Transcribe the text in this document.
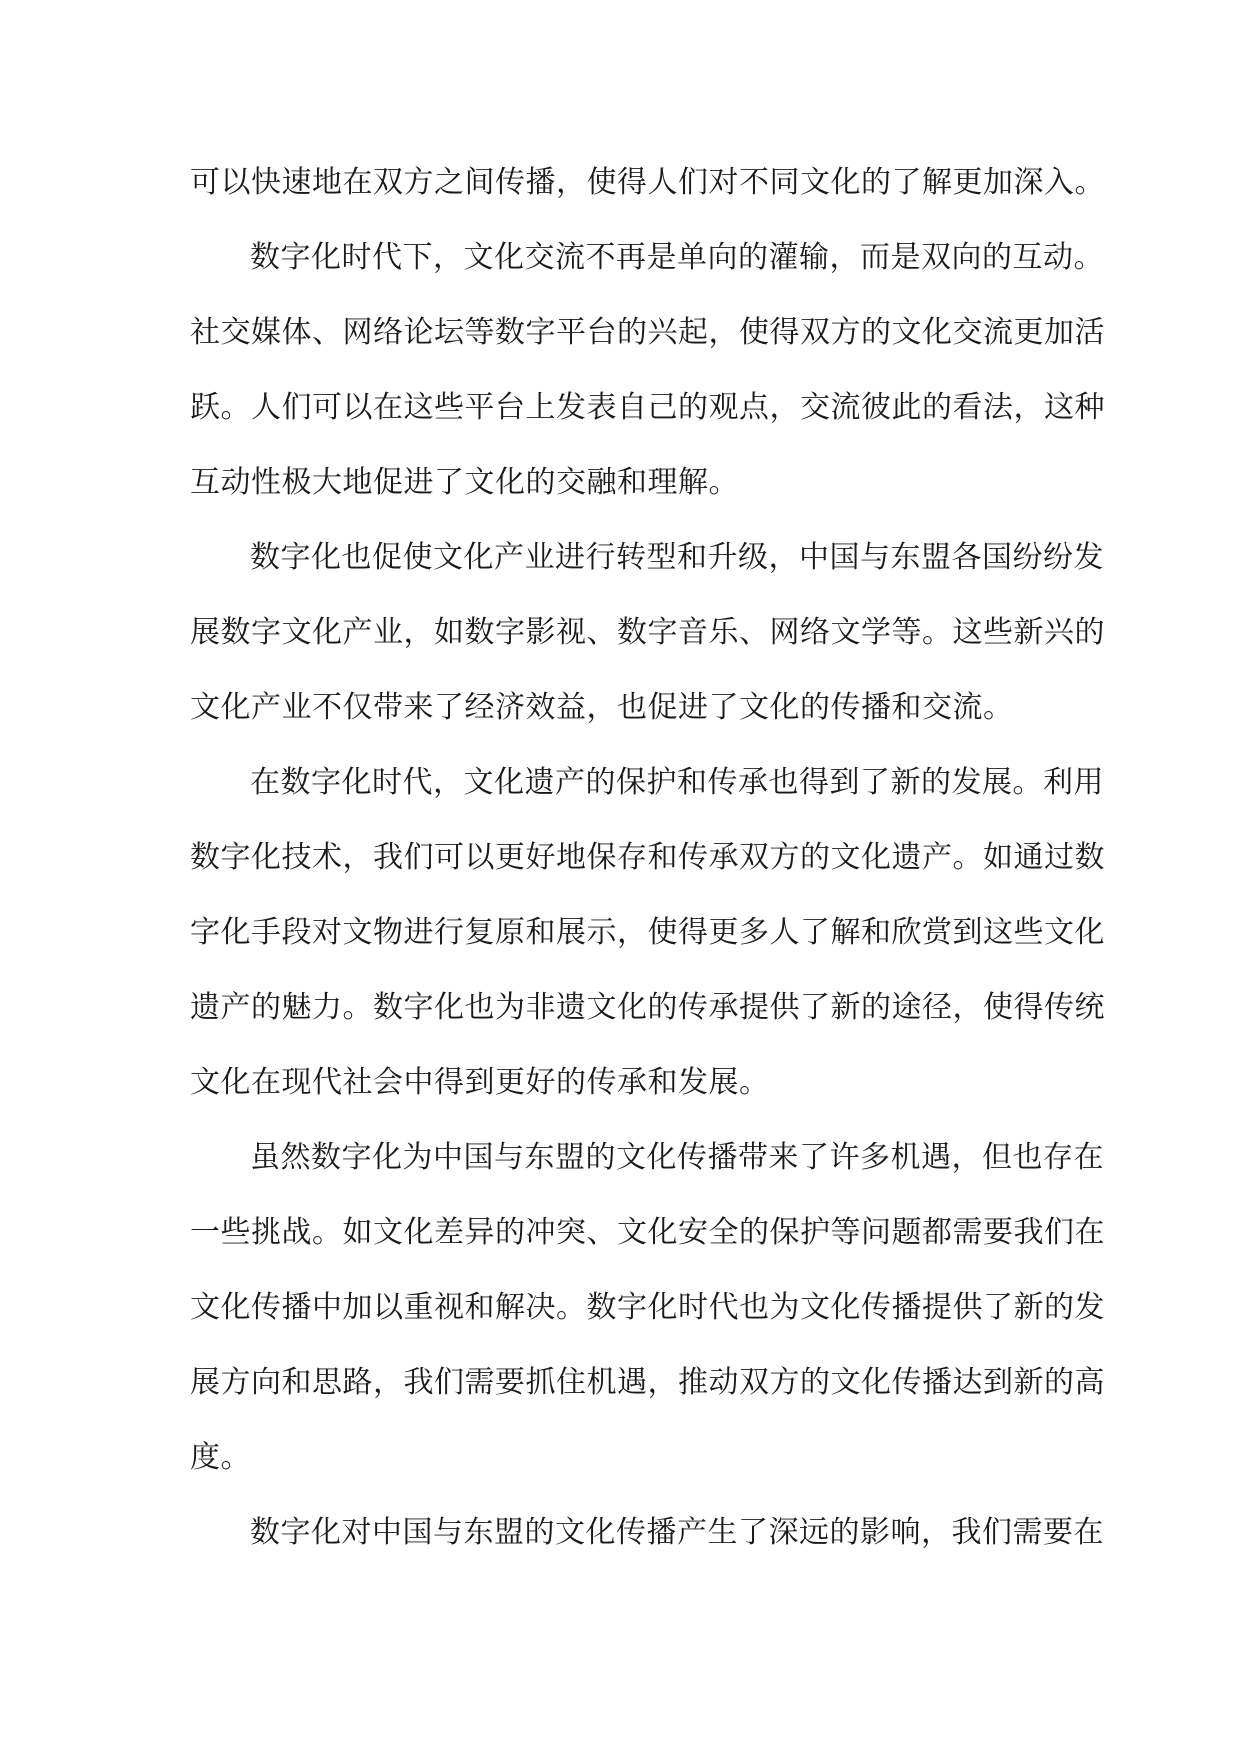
可以快速地在双方之间传播，使得人们对不同文化的了解更加深入。
数字化时代下，文化交流不再是单向的灌输，而是双向的互动。
社交媒体、网络论坛等数字平台的兴起，使得双方的文化交流更加活
跃。人们可以在这些平台上发表自己的观点，交流彼此的看法，这种
互动性极大地促进了文化的交融和理解。
数字化也促使文化产业进行转型和升级，中国与东盟各国纷纷发
展数字文化产业，如数字影视、数字音乐、网络文学等。这些新兴的
文化产业不仅带来了经济效益，也促进了文化的传播和交流。
在数字化时代，文化遗产的保护和传承也得到了新的发展。利用
数字化技术，我们可以更好地保存和传承双方的文化遗产。如通过数
字化手段对文物进行复原和展示，使得更多人了解和欣赏到这些文化
遗产的魅力。数字化也为非遗文化的传承提供了新的途径，使得传统
文化在现代社会中得到更好的传承和发展。
虽然数字化为中国与东盟的文化传播带来了许多机遇，但也存在
一些挑战。如文化差异的冲突、文化安全的保护等问题都需要我们在
文化传播中加以重视和解决。数字化时代也为文化传播提供了新的发
展方向和思路，我们需要抓住机遇，推动双方的文化传播达到新的高
度。
数字化对中国与东盟的文化传播产生了深远的影响，我们需要在
